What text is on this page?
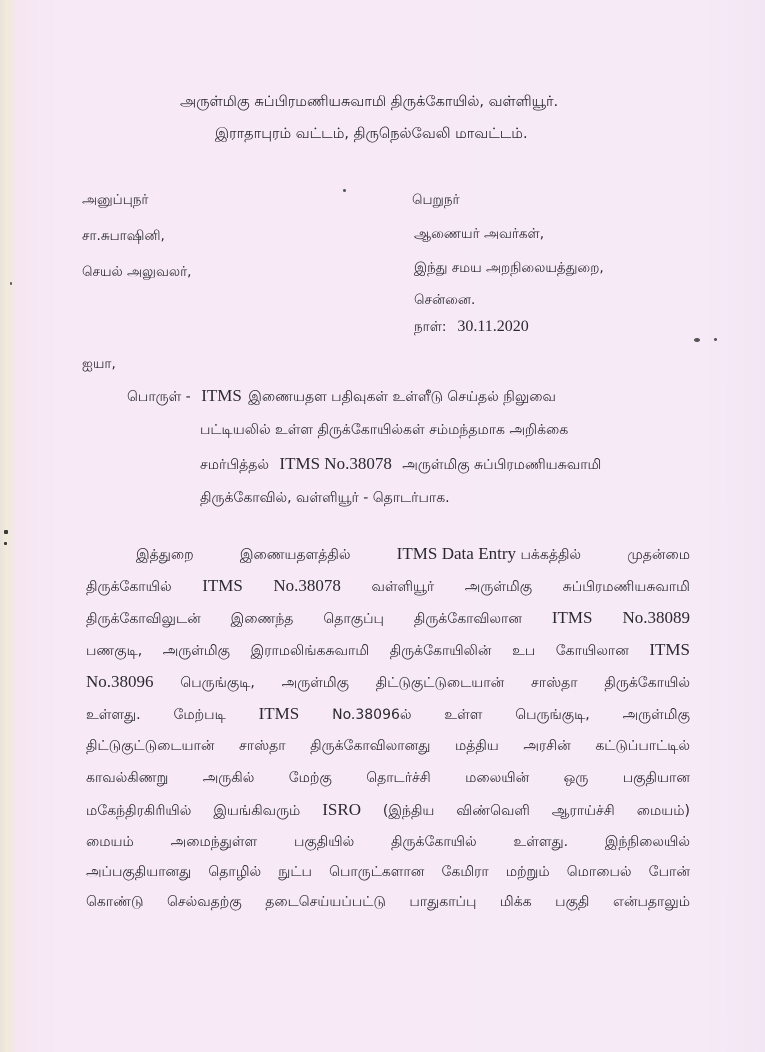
அருள்மிகு சுப்பிரமணியசுவாமி திருக்கோயில், வள்ளியூர்.
இராதாபுரம் வட்டம், திருநெல்வேலி மாவட்டம்.
அனுப்புநர்
சா.சுபாஷினி,
செயல் அலுவலர்,
பெறுநர்
ஆணையர் அவர்கள்,
இந்து சமய அறநிலையத்துறை,
சென்னை.
நாள்: 30.11.2020
ஐயா,
பொருள் - ITMS இணையதள பதிவுகள் உள்ளீடு செய்தல் நிலுவை
பட்டியலில் உள்ள திருக்கோயில்கள் சம்மந்தமாக அறிக்கை
சமர்பித்தல் ITMS No.38078 அருள்மிகு சுப்பிரமணியசுவாமி
திருக்கோவில், வள்ளியூர் - தொடர்பாக.
இத்துறை	இணையதளத்தில்	ITMS Data Entry பக்கத்தில்	முதன்மை
திருக்கோயில் ITMS No.38078 வள்ளியூர் அருள்மிகு சுப்பிரமணியசுவாமி
திருக்கோவிலுடன் இணைந்த தொகுப்பு திருக்கோவிலான ITMS No.38089
பணகுடி, அருள்மிகு இராமலிங்கசுவாமி திருக்கோயிலின் உப கோயிலான ITMS
No.38096 பெருங்குடி, அருள்மிகு திட்டுகுட்டுடையான் சாஸ்தா திருக்கோயில்
உள்ளது. மேற்படி ITMS No.38096ல் உள்ள பெருங்குடி, அருள்மிகு
திட்டுகுட்டுடையான் சாஸ்தா திருக்கோவிலானது மத்திய அரசின் கட்டுப்பாட்டில்
காவல்கிணறு அருகில் மேற்கு தொடர்ச்சி மலையின் ஒரு பகுதியான
மகேந்திரகிரியில் இயங்கிவரும் ISRO (இந்திய விண்வெளி ஆராய்ச்சி மையம்)
மையம்	அமைந்துள்ள	பகுதியில்	திருக்கோயில்	உள்ளது.	இந்நிலையில்
அப்பகுதியானது தொழில் நுட்ப பொருட்களான கேமிரா மற்றும் மொபைல் போன்
கொண்டு செல்வதற்கு தடைசெய்யப்பட்டு பாதுகாப்பு மிக்க பகுதி என்பதாலும்
